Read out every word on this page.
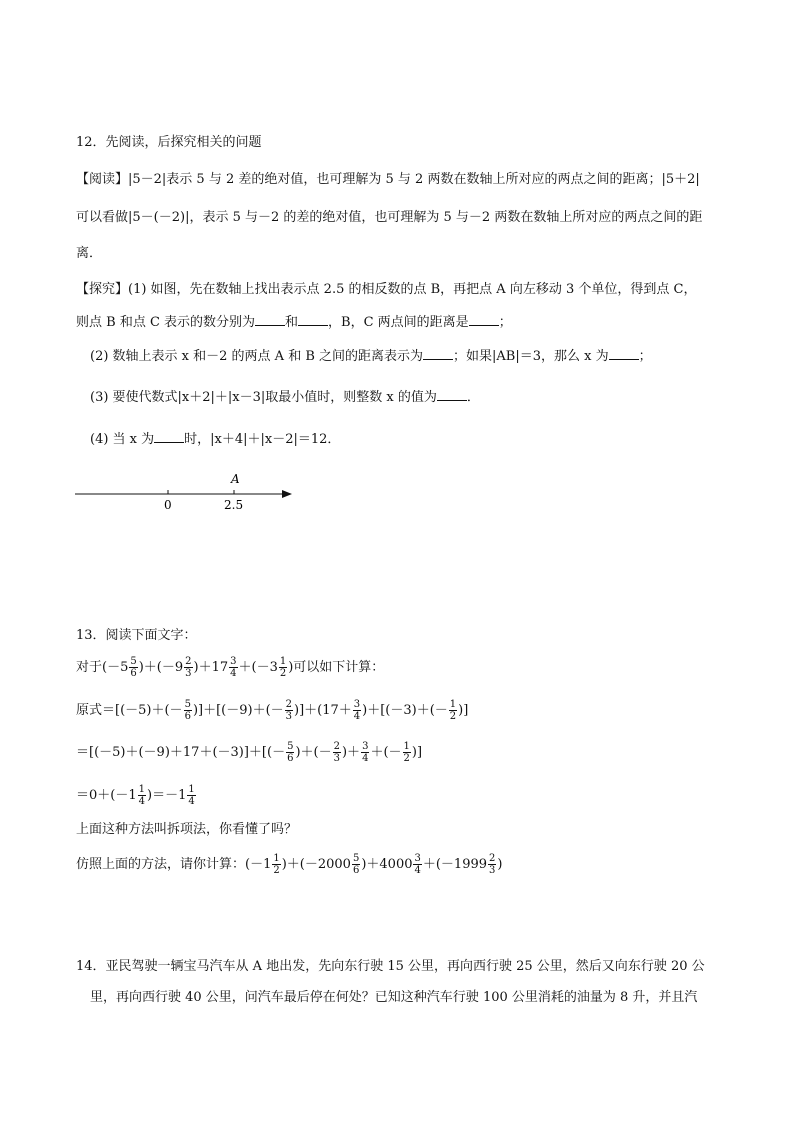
12．先阅读，后探究相关的问题
【阅读】|5－2|表示 5 与 2 差的绝对值，也可理解为 5 与 2 两数在数轴上所对应的两点之间的距离；|5＋2|
可以看做|5－(－2)|，表示 5 与－2 的差的绝对值，也可理解为 5 与－2 两数在数轴上所对应的两点之间的距
离．
【探究】(1) 如图，先在数轴上找出表示点 2.5 的相反数的点 B，再把点 A 向左移动 3 个单位，得到点 C，
则点 B 和点 C 表示的数分别为 和 ，B，C 两点间的距离是 ；
(2) 数轴上表示 x 和－2 的两点 A 和 B 之间的距离表示为 ；如果|AB|＝3，那么 x 为 ；
(3) 要使代数式|x＋2|＋|x－3|取最小值时，则整数 x 的值为 ．
(4) 当 x 为 时，|x＋4|＋|x－2|＝12．
A
0	2.5
13．阅读下面文字：
对于$(-5 \frac{5}{6} )+(-9 \frac{2}{3} )+17 \frac{3}{4} +(-3 \frac{1}{2}$ )可以如下计算：
原式$=[(-5)+(- \frac{5}{6} )]+[(-9)+(- \frac{2}{3} )]+(17+ \frac{3}{4} )+[(-3)+(- \frac{1}{2}$ )]
$=[(-5)+(-9)+17+(-3)]+[(- \frac{5}{6}$ )＋(－ $\frac{2}{3}$ )＋ $\frac{3}{4}$ ＋(－ $\frac{1}{2}$ )]
$=0+(-1 \frac{1}{4} )=-1 \frac{1}{4}$
上面这种方法叫拆项法，你看懂了吗？
仿照上面的方法，请你计算：$(-1 \frac{1}{2} )+(-2000 \frac{5}{6} )+4000 \frac{3}{4} +(-1999 \frac{2}{3}$ )
14．亚民驾驶一辆宝马汽车从 A 地出发，先向东行驶 15 公里，再向西行驶 25 公里，然后又向东行驶 20 公
里，再向西行驶 40 公里，问汽车最后停在何处？已知这种汽车行驶 100 公里消耗的油量为 8 升，并且汽
